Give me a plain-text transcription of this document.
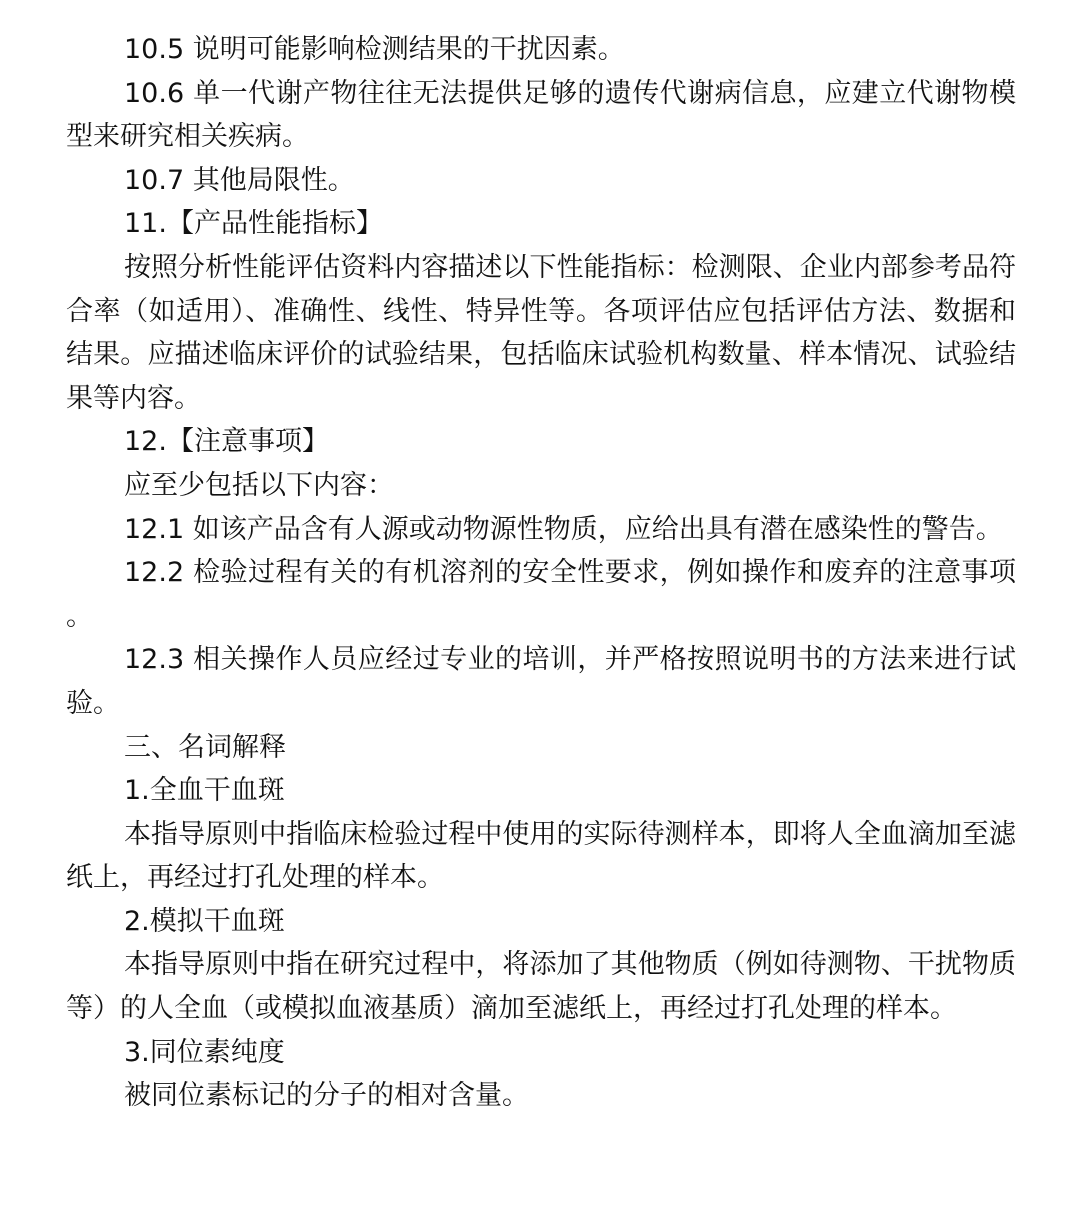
10.5 说明可能影响检测结果的干扰因素。

10.6 单一代谢产物往往无法提供足够的遗传代谢病信息，应建立代谢物模型来研究相关疾病。

10.7 其他局限性。

11.【产品性能指标】

按照分析性能评估资料内容描述以下性能指标：检测限、企业内部参考品符合率（如适用）、准确性、线性、特异性等。各项评估应包括评估方法、数据和结果。应描述临床评价的试验结果，包括临床试验机构数量、样本情况、试验结果等内容。

12.【注意事项】

应至少包括以下内容：

12.1 如该产品含有人源或动物源性物质，应给出具有潜在感染性的警告。

12.2 检验过程有关的有机溶剂的安全性要求，例如操作和废弃的注意事项。

12.3 相关操作人员应经过专业的培训，并严格按照说明书的方法来进行试验。

三、名词解释

1.全血干血斑

本指导原则中指临床检验过程中使用的实际待测样本，即将人全血滴加至滤纸上，再经过打孔处理的样本。

2.模拟干血斑

本指导原则中指在研究过程中，将添加了其他物质（例如待测物、干扰物质等）的人全血（或模拟血液基质）滴加至滤纸上，再经过打孔处理的样本。

3.同位素纯度

被同位素标记的分子的相对含量。
